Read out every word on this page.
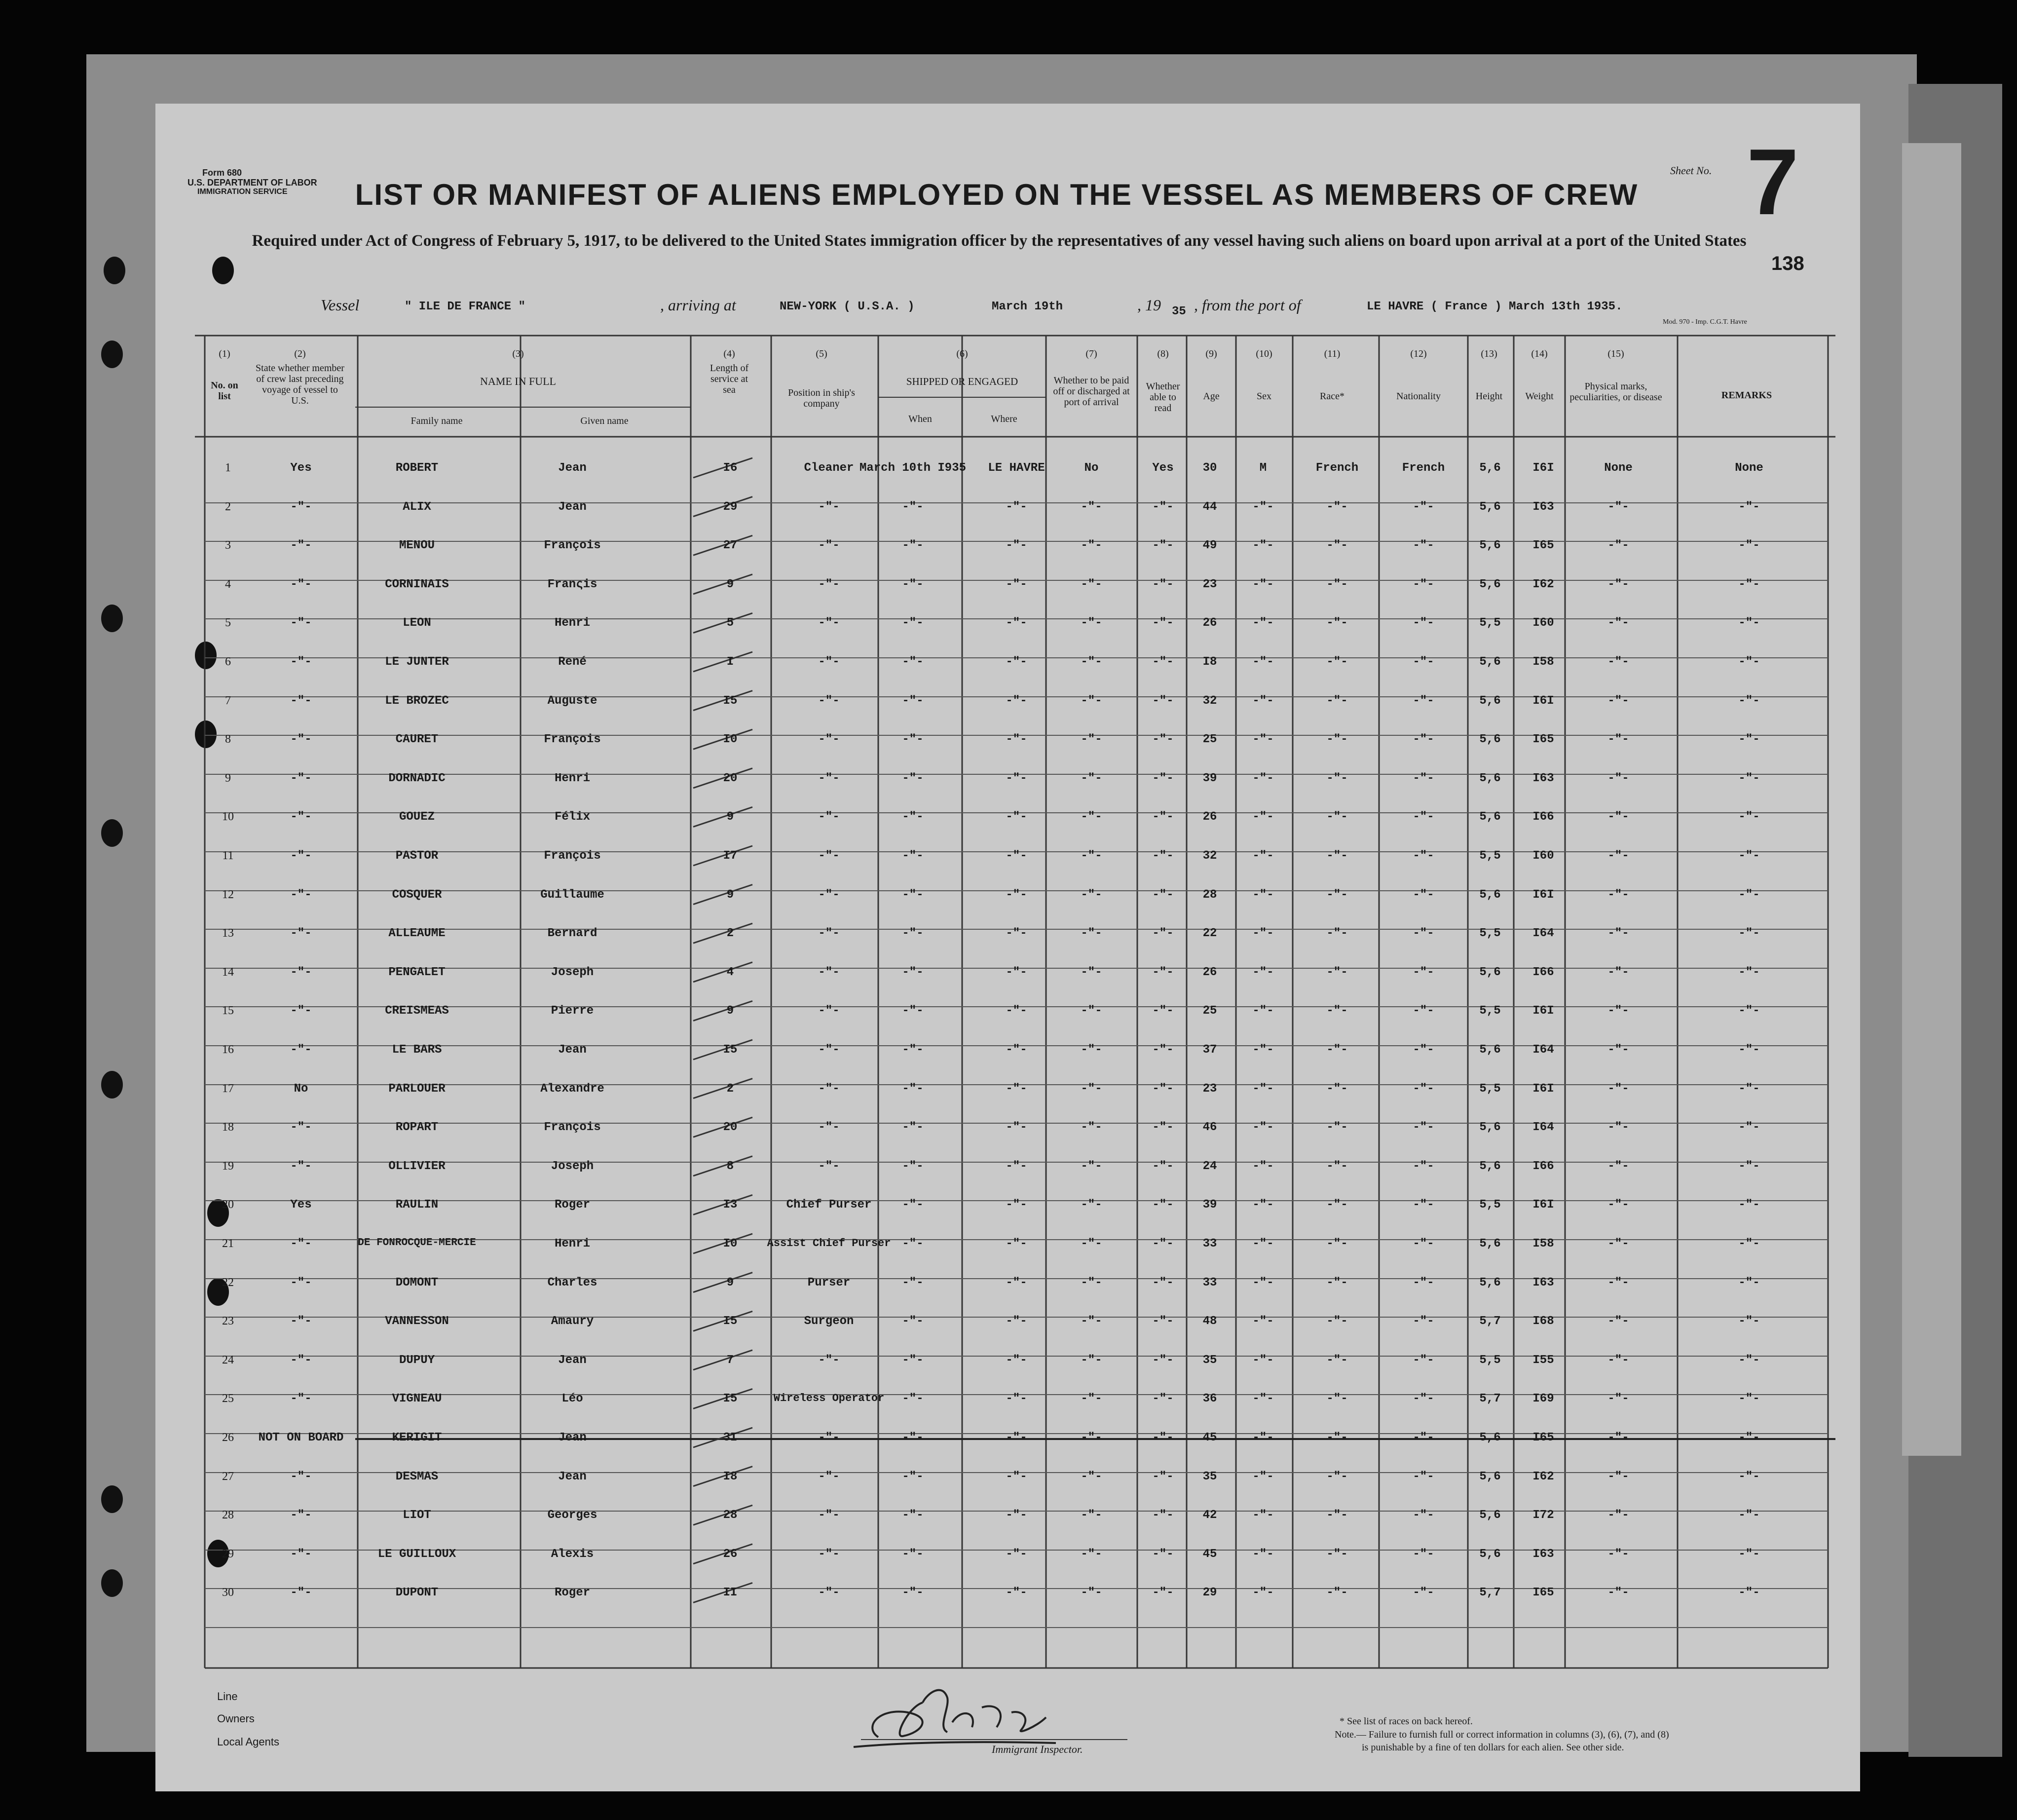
Form 680
U.S. DEPARTMENT OF LABOR
IMMIGRATION SERVICE	LIST OR MANIFEST OF ALIENS EMPLOYED ON THE VESSEL AS MEMBERS OF CREW
Required under Act of Congress of February 5, 1917, to be delivered to the United States immigration officer by the representatives of any vessel having such aliens on board upon arrival at a port of the United States
Sheet No. 7
138
Vessel	" ILE DE FRANCE "	, arriving at	NEW-YORK ( U.S.A. )	March 19th	, 19 35 , from the port of	LE HAVRE ( France ) March 13th 1935.
Mod. 970 - Imp. C.G.T. Havre
(1)
No. on list
(2)
State whether member of crew last preceding voyage of vessel to U.S.
(3)
NAME IN FULL
Family name	Given name
(4)
Length of service at sea
(5)
Position in ship's company
(6)
SHIPPED OR ENGAGED
When	Where
(7)
Whether to be paid off or discharged at port of arrival
(8)
Whether able to read
(9)
Age
(10)
Sex
(11)
Race*
(12)
Nationality
(13)
Height
(14)
Weight
(15)
Physical marks, peculiarities, or disease	REMARKS
1	Yes	ROBERT	Jean	I6	Cleaner March 10th I935 LE HAVRE	No	Yes 30	M	French	French	5,6	I6I	None	None
2	-"-	ALIX	Jean	29	-"-	-"-	-"-	-"-	-"- 44	-"-	-"-	-"-	5,6	I63	-"-	-"-
3	-"-	MENOU	François	27	-"-	-"-	-"-	-"-	-"- 49	-"-	-"-	-"-	5,6	I65	-"-	-"-
4	-"-	CORNINAIS	Franςis	9	-"-	-"-	-"-	-"-	-"- 23	-"-	-"-	-"-	5,6	I62	-"-	-"-
5	-"-	LEON	Henri	5	-"-	-"-	-"-	-"-	-"- 26	-"-	-"-	-"-	5,5	I60	-"-	-"-
6	-"-	LE JUNTER	René	I	-"-	-"-	-"-	-"-	-"- I8	-"-	-"-	-"-	5,6	I58	-"-	-"-
7	-"-	LE BROZEC	Auguste	I5	-"-	-"-	-"-	-"-	-"- 32	-"-	-"-	-"-	5,6	I6I	-"-	-"-
8	-"-	CAURET	François	I0	-"-	-"-	-"-	-"-	-"- 25	-"-	-"-	-"-	5,6	I65	-"-	-"-
9	-"-	DORNADIC	Henri	20	-"-	-"-	-"-	-"-	-"- 39	-"-	-"-	-"-	5,6	I63	-"-	-"-
10	-"-	GOUEZ	Félix	9	-"-	-"-	-"-	-"-	-"- 26	-"-	-"-	-"-	5,6	I66	-"-	-"-
11	-"-	PASTOR	François	I7	-"-	-"-	-"-	-"-	-"- 32	-"-	-"-	-"-	5,5	I60	-"-	-"-
12	-"-	COSQUER	Guillaume	9	-"-	-"-	-"-	-"-	-"- 28	-"-	-"-	-"-	5,6	I6I	-"-	-"-
13	-"-	ALLEAUME	Bernard	2	-"-	-"-	-"-	-"-	-"- 22	-"-	-"-	-"-	5,5	I64	-"-	-"-
14	-"-	PENGALET	Joseph	4	-"-	-"-	-"-	-"-	-"- 26	-"-	-"-	-"-	5,6	I66	-"-	-"-
15	-"-	CREISMEAS	Pierre	9	-"-	-"-	-"-	-"-	-"- 25	-"-	-"-	-"-	5,5	I6I	-"-	-"-
16	-"-	LE BARS	Jean	I5	-"-	-"-	-"-	-"-	-"- 37	-"-	-"-	-"-	5,6	I64	-"-	-"-
17	No	PARLOUER	Alexandre	2	-"-	-"-	-"-	-"-	-"- 23	-"-	-"-	-"-	5,5	I6I	-"-	-"-
18	-"-	ROPART	François	20	-"-	-"-	-"-	-"-	-"- 46	-"-	-"-	-"-	5,6	I64	-"-	-"-
19	-"-	OLLIVIER	Joseph	8	-"-	-"-	-"-	-"-	-"- 24	-"-	-"-	-"-	5,6	I66	-"-	-"-
20	Yes	RAULIN	Roger	I3	Chief Purser	-"-	-"-	-"-	-"- 39	-"-	-"-	-"-	5,5	I6I	-"-	-"-
21	-"-	DE FONROCQUE-MERCIE	Henri	I0	Assist Chief Purser -"-	-"-	-"-	-"- 33	-"-	-"-	-"-	5,6	I58	-"-	-"-
22	-"-	DOMONT	Charles	9	Purser	-"-	-"-	-"-	-"- 33	-"-	-"-	-"-	5,6	I63	-"-	-"-
23	-"-	VANNESSON	Amaury	I5	Surgeon	-"-	-"-	-"-	-"- 48	-"-	-"-	-"-	5,7	I68	-"-	-"-
24	-"-	DUPUY	Jean	7	-"-	-"-	-"-	-"-	-"- 35	-"-	-"-	-"-	5,5	I55	-"-	-"-
25	-"-	VIGNEAU	Léo	I5	Wireless Operator -"-	-"-	-"-	-"- 36	-"-	-"-	-"-	5,7	I69	-"-	-"-
26 NOT ON BOARD	KERIGIT	Jean	3I	-"-	-"-	-"-	-"-	-"- 45	-"-	-"-	-"-	5,6	I65	-"-	-"-
27	-"-	DESMAS	Jean	I8	-"-	-"-	-"-	-"-	-"- 35	-"-	-"-	-"-	5,6	I62	-"-	-"-
28	-"-	LIOT	Georges	28	-"-	-"-	-"-	-"-	-"- 42	-"-	-"-	-"-	5,6	I72	-"-	-"-
29	-"-	LE GUILLOUX	Alexis	26	-"-	-"-	-"-	-"-	-"- 45	-"-	-"-	-"-	5,6	I63	-"-	-"-
30	-"-	DUPONT	Roger	II	-"-	-"-	-"-	-"-	-"- 29	-"-	-"-	-"-	5,7	I65	-"-	-"-
Line
Owners
Local Agents
Immigrant Inspector.
* See list of races on back hereof.
Note.— Failure to furnish full or correct information in columns (3), (6), (7), and (8)
is punishable by a fine of ten dollars for each alien. See other side.
